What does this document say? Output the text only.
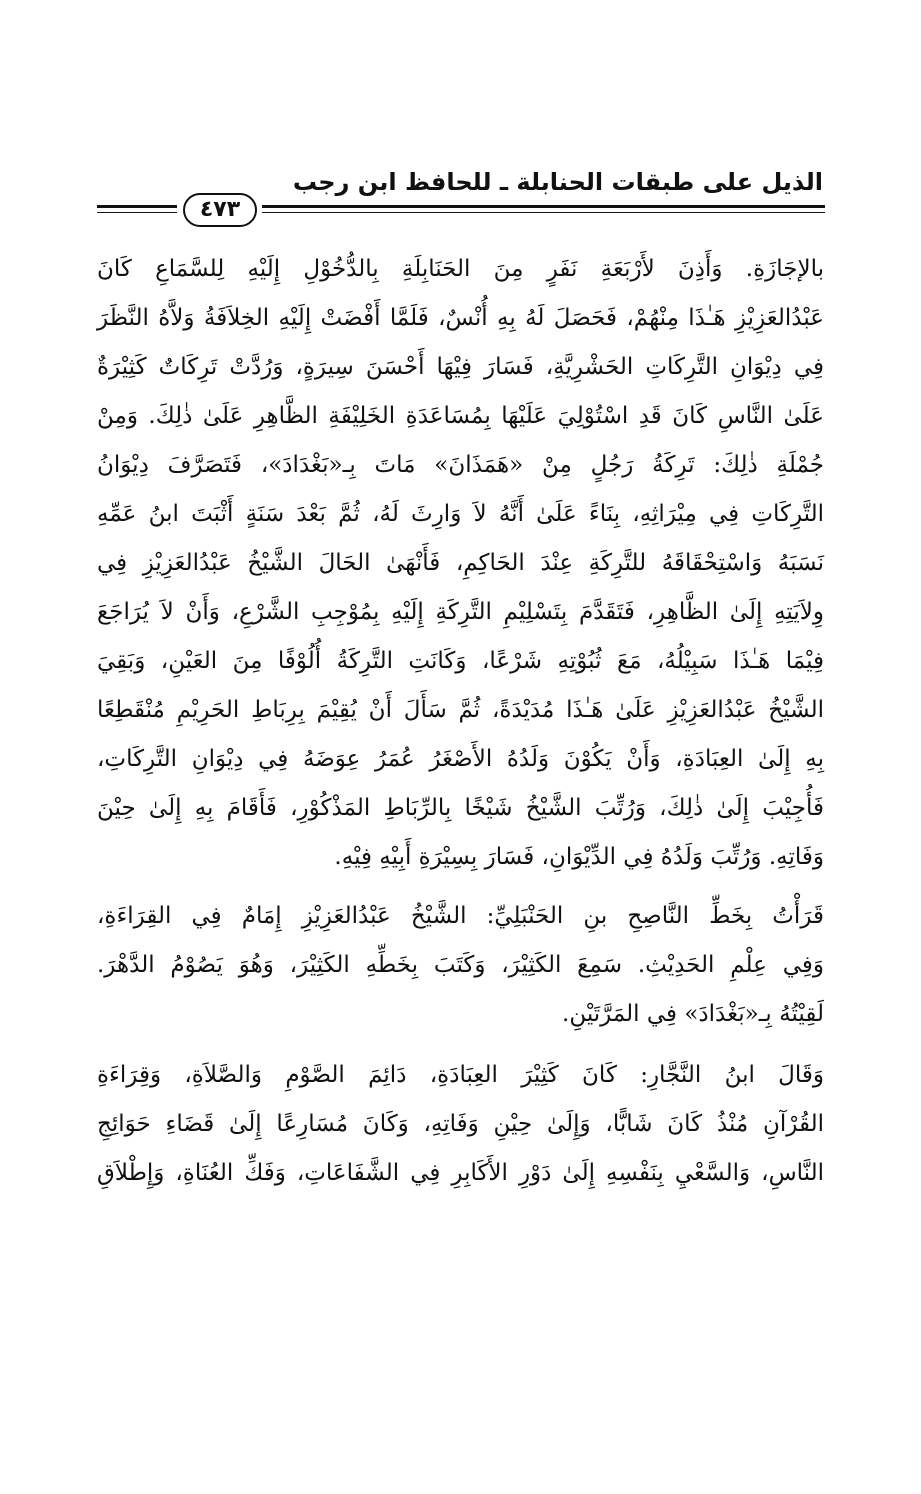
الذيل على طبقات الحنابلة ـ للحافظ ابن رجب
٤٧٣
بالإجَازَةِ. وَأَذِنَ لأَرْبَعَةِ نَفَرٍ مِنَ الحَنَابِلَةِ بِالدُّخُوْلِ إِلَيْهِ لِلسَّمَاعِ كَانَ
عَبْدُالعَزِيْزِ هَـٰذَا مِنْهُمْ، فَحَصَلَ لَهُ بِهِ أُنْسٌ، فَلَمَّا أَفْضَتْ إِلَيْهِ الخِلاَفَةُ وَلاَّهُ النَّظَرَ
فِي دِيْوَانِ التَّرِكَاتِ الحَشْرِيَّةِ، فَسَارَ فِيْهَا أَحْسَنَ سِيرَةٍ، وَرُدَّتْ تَرِكَاتٌ كَثِيْرَةٌ
عَلَىٰ النَّاسِ كَانَ قَدِ اسْتُوْلِيَ عَلَيْهَا بِمُسَاعَدَةِ الخَلِيْفَةِ الظَّاهِرِ عَلَىٰ ذٰلِكَ. وَمِنْ
جُمْلَةِ ذٰلِكَ: تَرِكَةُ رَجُلٍ مِنْ «هَمَذَانَ» مَاتَ بِـ«بَغْدَادَ»، فَتَصَرَّفَ دِيْوَانُ
التَّرِكَاتِ فِي مِيْرَاثِهِ، بِنَاءً عَلَىٰ أَنَّهُ لاَ وَارِثَ لَهُ، ثُمَّ بَعْدَ سَنَةٍ أَثْبَتَ ابنُ عَمِّهِ
نَسَبَهُ وَاسْتِحْقَاقَهُ للتَّرِكَةِ عِنْدَ الحَاكِمِ، فَأَنْهَىٰ الحَالَ الشَّيْخُ عَبْدُالعَزِيْزِ فِي
وِلاَيَتِهِ إِلَىٰ الظَّاهِرِ، فَتَقَدَّمَ بِتَسْلِيْمِ التَّرِكَةِ إِلَيْهِ بِمُوْجِبِ الشَّرْعِ، وَأَنْ لاَ يُرَاجَعَ
فِيْمَا هَـٰذَا سَبِيْلُهُ، مَعَ ثُبُوْتِهِ شَرْعًا، وَكَانَتِ التَّرِكَةُ أُلُوْفًا مِنَ العَيْنِ، وَبَقِيَ
الشَّيْخُ عَبْدُالعَزِيْزِ عَلَىٰ هَـٰذَا مُدَيْدَةً، ثُمَّ سَأَلَ أَنْ يُقِيْمَ بِرِبَاطِ الحَرِيْمِ مُنْقَطِعًا
بِهِ إِلَىٰ العِبَادَةِ، وَأَنْ يَكُوْنَ وَلَدُهُ الأَصْغَرُ عُمَرُ عِوَضَهُ فِي دِيْوَانِ التَّرِكَاتِ،
فَأُجِيْبَ إِلَىٰ ذٰلِكَ، وَرُتِّبَ الشَّيْخُ شَيْخًا بِالرِّبَاطِ المَذْكُوْرِ، فَأَقَامَ بِهِ إِلَىٰ حِيْنَ
وَفَاتِهِ. وَرُتِّبَ وَلَدُهُ فِي الدِّيْوَانِ، فَسَارَ بِسِيْرَةِ أَبِيْهِ فِيْهِ.
قَرَأْتُ بِخَطِّ النَّاصِحِ بنِ الحَنْبَلِيِّ: الشَّيْخُ عَبْدُالعَزِيْزِ إِمَامٌ فِي القِرَاءَةِ،
وَفِي عِلْمِ الحَدِيْثِ. سَمِعَ الكَثِيْرَ، وَكَتَبَ بِخَطِّهِ الكَثِيْرَ، وَهُوَ يَصُوْمُ الدَّهْرَ.
لَقِيْتُهُ بِـ«بَغْدَادَ» فِي المَرَّتَيْنِ.
وَقَالَ ابنُ النَّجَّارِ: كَانَ كَثِيْرَ العِبَادَةِ، دَائِمَ الصَّوْمِ وَالصَّلاَةِ، وَقِرَاءَةِ
القُرْآنِ مُنْذُ كَانَ شَابًّا، وَإِلَىٰ حِيْنِ وَفَاتِهِ، وَكَانَ مُسَارِعًا إِلَىٰ قَضَاءِ حَوَائِجِ
النَّاسِ، وَالسَّعْيِ بِنَفْسِهِ إِلَىٰ دَوْرِ الأَكَابِرِ فِي الشَّفَاعَاتِ، وَفَكِّ العُنَاةِ، وَإِطْلاَقِ
